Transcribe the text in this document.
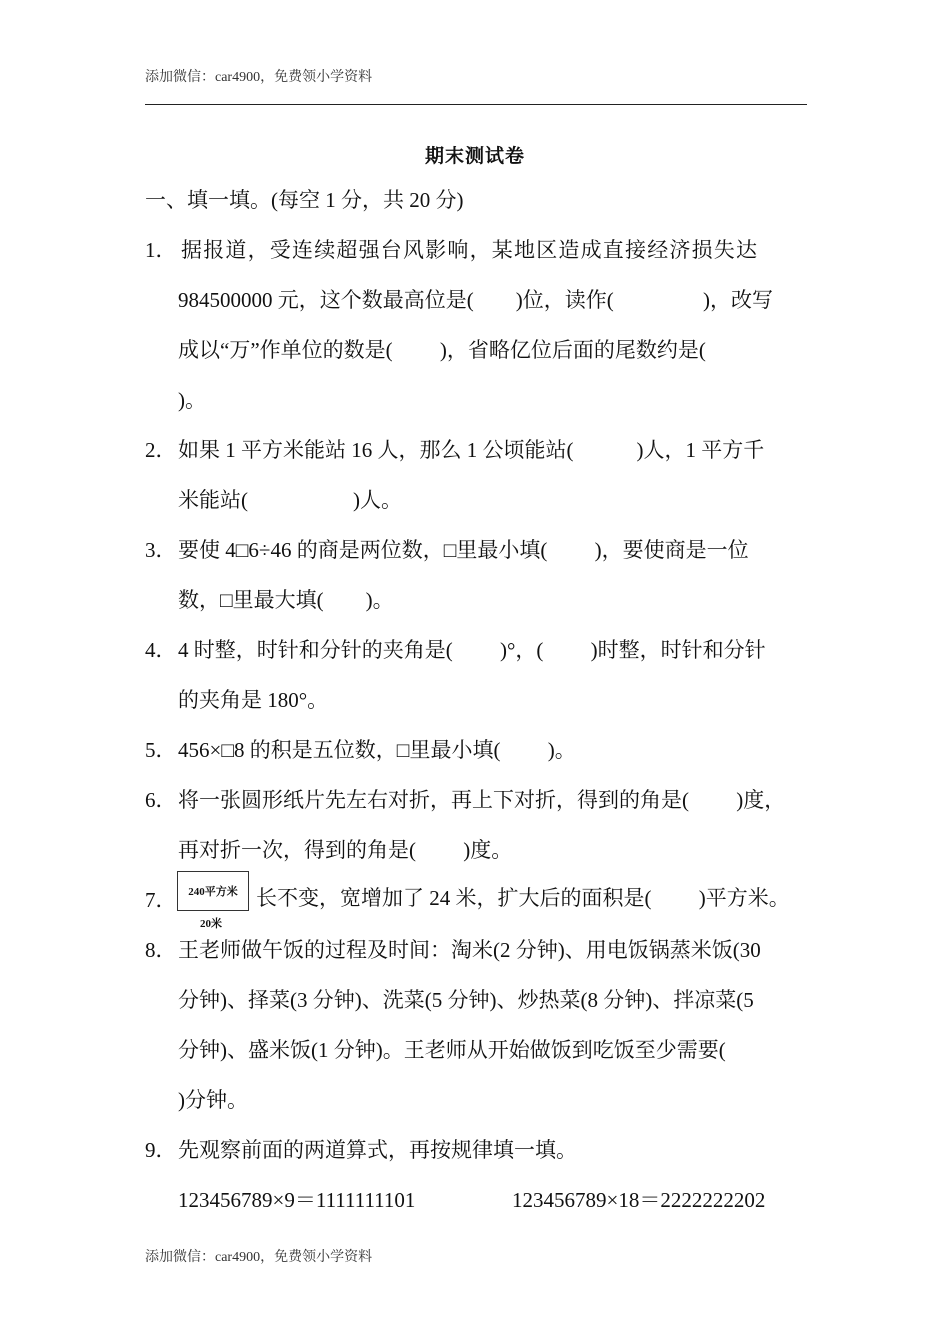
添加微信：car4900，免费领小学资料
期末测试卷
一、填一填。(每空 1 分，共 20 分)
1． 据报道，受连续超强台风影响，某地区造成直接经济损失达
984500000 元，这个数最高位是(        )位，读作(                 )，改写
成以“万”作单位的数是(         )，省略亿位后面的尾数约是(
)。
2． 如果 1 平方米能站 16 人，那么 1 公顷能站(            )人，1 平方千
米能站(                    )人。
3． 要使 4□6÷46 的商是两位数，□里最小填(         )，要使商是一位
数，□里最大填(        )。
4． 4 时整，时针和分针的夹角是(         )°，(         )时整，时针和分针
的夹角是 180°。
5． 456×□8 的积是五位数，□里最小填(         )。
6． 将一张圆形纸片先左右对折，再上下对折，得到的角是(         )度，
再对折一次，得到的角是(         )度。
7．	240平方米
20米
长不变，宽增加了 24 米，扩大后的面积是(         )平方米。
8． 王老师做午饭的过程及时间：淘米(2 分钟)、用电饭锅蒸米饭(30
分钟)、择菜(3 分钟)、洗菜(5 分钟)、炒热菜(8 分钟)、拌凉菜(5
分钟)、盛米饭(1 分钟)。王老师从开始做饭到吃饭至少需要(
)分钟。
9． 先观察前面的两道算式，再按规律填一填。
123456789×9＝1111111101	123456789×18＝2222222202
添加微信：car4900，免费领小学资料
